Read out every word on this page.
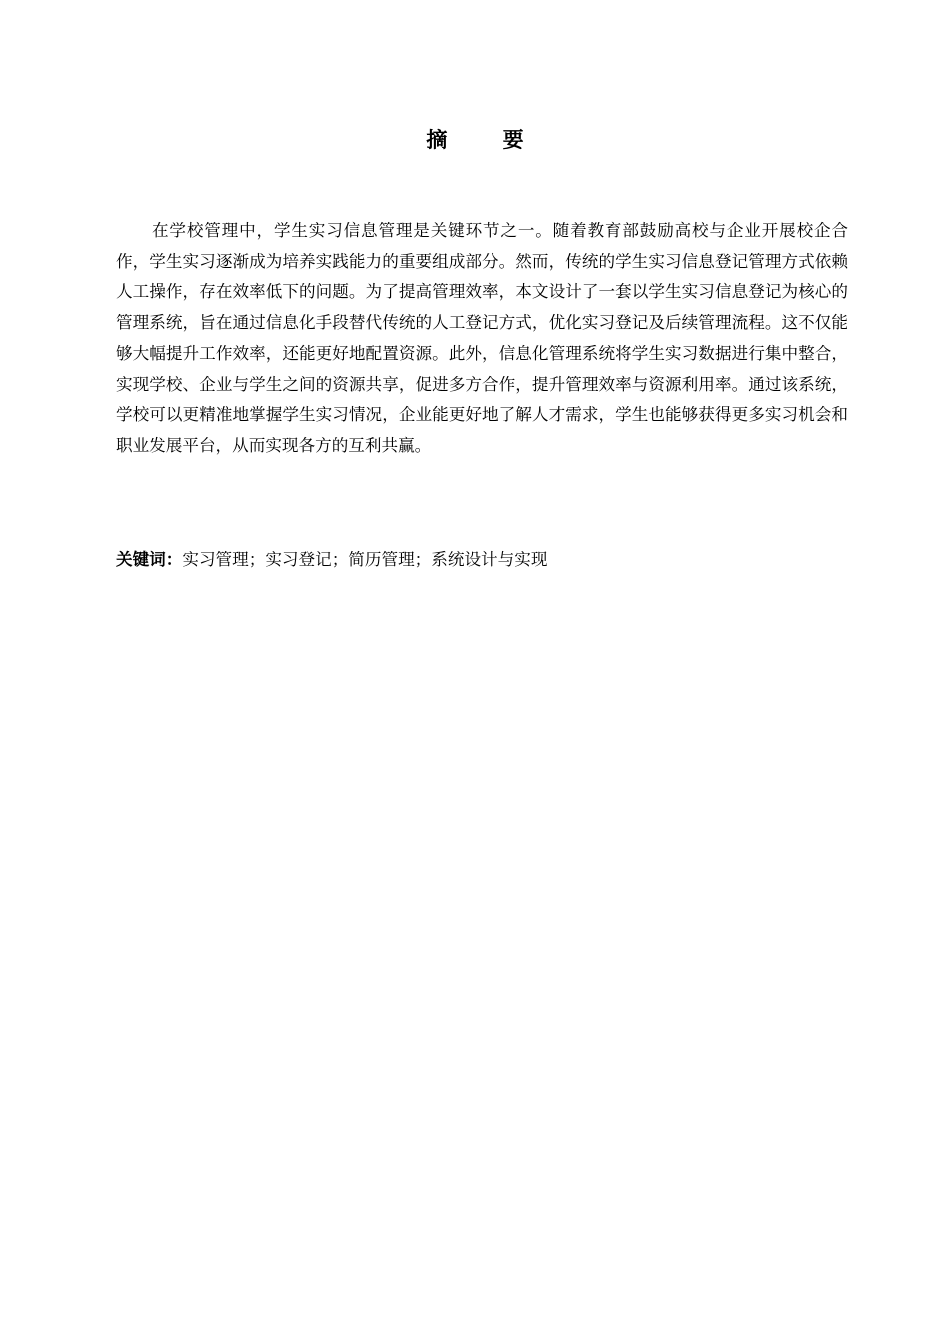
摘 要

在学校管理中，学生实习信息管理是关键环节之一。随着教育部鼓励高校与企业开展校企合作，学生实习逐渐成为培养实践能力的重要组成部分。然而，传统的学生实习信息登记管理方式依赖人工操作，存在效率低下的问题。为了提高管理效率，本文设计了一套以学生实习信息登记为核心的管理系统，旨在通过信息化手段替代传统的人工登记方式，优化实习登记及后续管理流程。这不仅能够大幅提升工作效率，还能更好地配置资源。此外，信息化管理系统将学生实习数据进行集中整合，实现学校、企业与学生之间的资源共享，促进多方合作，提升管理效率与资源利用率。通过该系统，学校可以更精准地掌握学生实习情况，企业能更好地了解人才需求，学生也能够获得更多实习机会和职业发展平台，从而实现各方的互利共赢。

关键词：实习管理；实习登记；简历管理；系统设计与实现
